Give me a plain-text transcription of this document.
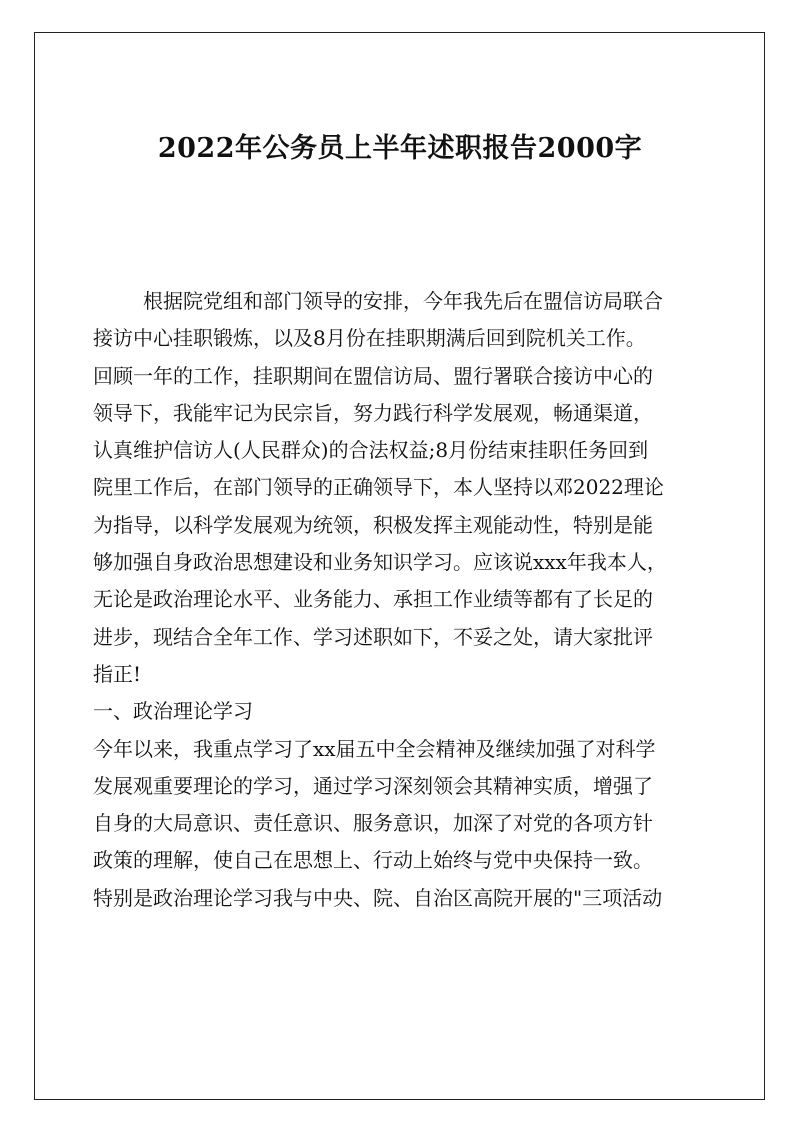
2022年公务员上半年述职报告2000字
根据院党组和部门领导的安排，今年我先后在盟信访局联合
接访中心挂职锻炼，以及8月份在挂职期满后回到院机关工作。
回顾一年的工作，挂职期间在盟信访局、盟行署联合接访中心的
领导下，我能牢记为民宗旨，努力践行科学发展观，畅通渠道，
认真维护信访人(人民群众)的合法权益;8月份结束挂职任务回到
院里工作后，在部门领导的正确领导下，本人坚持以邓2022理论
为指导，以科学发展观为统领，积极发挥主观能动性，特别是能
够加强自身政治思想建设和业务知识学习。应该说xxx年我本人，
无论是政治理论水平、业务能力、承担工作业绩等都有了长足的
进步，现结合全年工作、学习述职如下，不妥之处，请大家批评
指正!
一、政治理论学习
今年以来，我重点学习了xx届五中全会精神及继续加强了对科学
发展观重要理论的学习，通过学习深刻领会其精神实质，增强了
自身的大局意识、责任意识、服务意识，加深了对党的各项方针
政策的理解，使自己在思想上、行动上始终与党中央保持一致。
特别是政治理论学习我与中央、院、自治区高院开展的"三项活动
